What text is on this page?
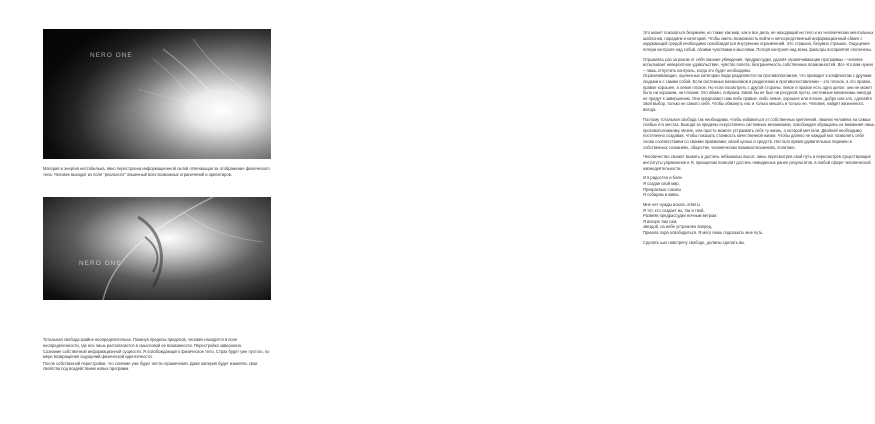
NERO ONE

Материя и энергия нестабильна, явно перестроена информационной силой отвечающая за отображение физического тела. Человек выходит из поля "реального" лишенный всех возможных ограничений и ориентиров.

NERO ONE

Тотальная свобода крайне неопределительна. Покинув пределы пределов, человек находится в поле неопределенности, где все лишь располагается в смысловой ее возможности. Перестройка завершена.

Сознание собственной информационной сущности, Я освобождающего физическое тело. Страх будет уже пустого, по мере возвращения ощущений физической идентичности.

После собственной перестройки, что слияние уже будет нести ограничения. Даже материя будет изменять свои свойства под воздействием новых программ.

Это может показаться безумием, но также как мир, как и все дела, не находящий ни тело и из человеческих ментальных шаблонов, парадигм и категорий. Чтобы иметь возможность войти и непосредственный информационный обмен с окружающей средой необходимо освобождаться внутренних ограничений. Это страшно, безумно страшно. Ощущение потери контроля над собой, своими чувствами и мыслями. Потеря контроля над всем, фильтры восприятия отключены.

Отрываясь раз за разом от себя лишние убеждения, предрассудки, удаляя ограничивающие программы – человек испытывает невероятное удовольствие, чувство полета, безграничность собственных возможностей. Все что вам нужно – лишь отпустить контроль, когда это будет необходимо.

Ограничивающие, оценочные категории люди разделяются на противоположное, что приводит к конфликтам с другими людьми и с самим собой. Если системных механизмов в разделении и противопоставлении – это плохое, а это правое, правое хорошее, а левое плохое. Но если посмотреть с другой стороны: левое и правое есть одно целое, они не может быть ни хорошим, ни плохим. Это обман, ловушка. Каков бы не был ни ресурсов пусты, системные механизмы никогда не придут к завершению. Они предлагают нам либо правое, либо левое, хорошее или плохое, добро или зло, сделайте свой выбор, только не самого себя. Чтобы обмануть нас и только мешать и только не. Человек, найдет жизненного, всегда.

Поэтому тотальная свобода так необходима, чтобы избавиться от собственных креплений, лишних человека на самых слабых его местах. Выходя за пределы искусственно системных механизмов, освобождая обращаясь их внимания лишь противоположному. Иначе, или просто можете устраивать себе ту жизнь, о которой мечтали. Двойной необходимо постепенно создавая, чтобы показать стоимость качественной жизни. Чтобы далеко не каждый мог позволить себе снова соответствием со своими правилами, своей целью и средств. Нестало время удивительных перемен в собственных сознаниях, обществе, человеческих взаимоотношениях, политике.

Человечество сможет выжить и достичь небывалых высот, лишь пересмотрев свой путь и пересмотрев существующие институты управления и Я, принципом позволит достичь невиданных ранее результатов, в любой сфере человеческой жизнедеятельности.

И я радостен и боли
Я создан свой мир,
Прекрасные соколы
Я собираю и живы.
Мне нет нужды искать ответы.
Я тот, кто создает их, так и твой.
Развеяв предрассудки ночным ветром.
Я вскоре там сам,
звездой, на небе устремлен вперед,
Пришла пора освободиться. Я могу лишь подсказать мне путь.

Сделать шаг навстречу свободе, должны сделать вы.
